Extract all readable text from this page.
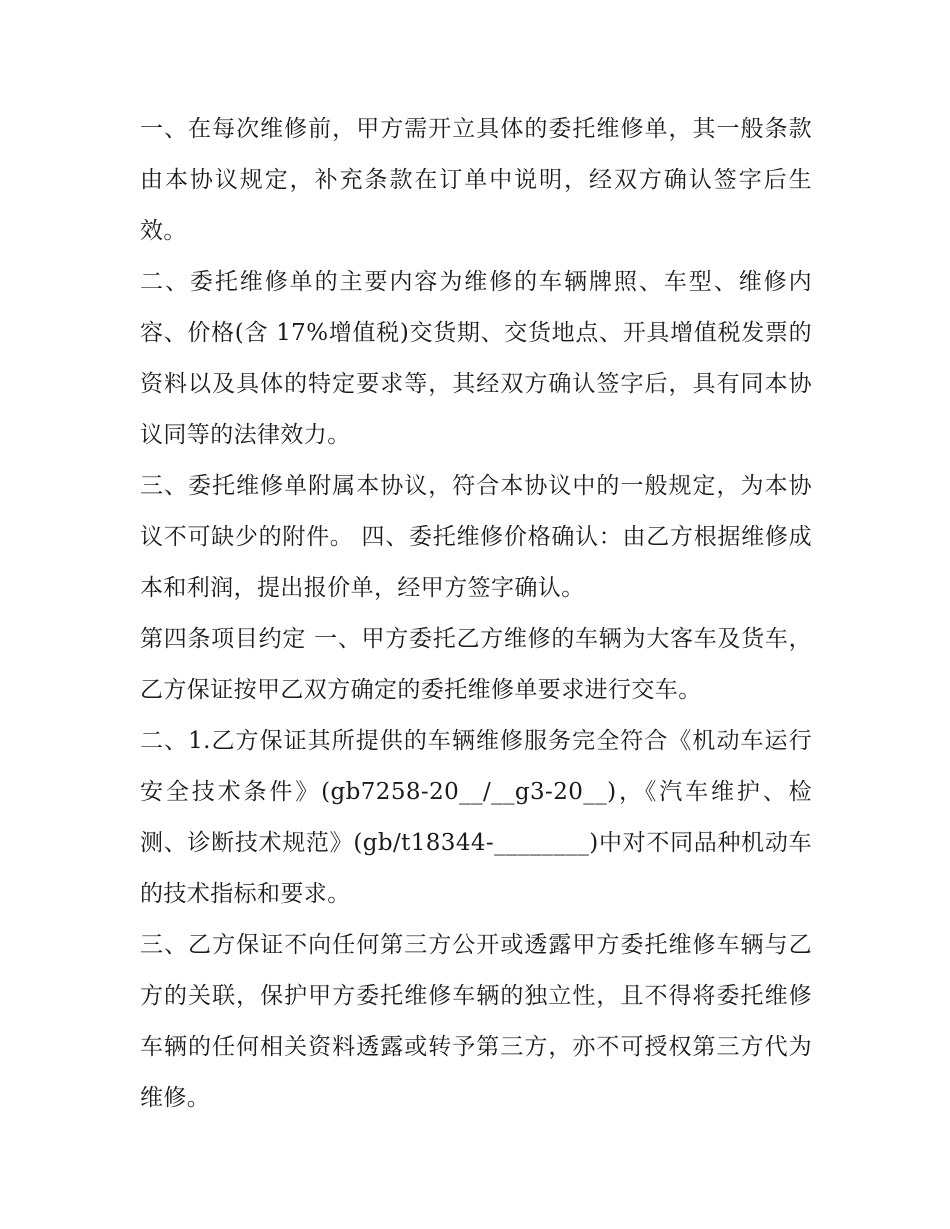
一、在每次维修前，甲方需开立具体的委托维修单，其一般条款由本协议规定，补充条款在订单中说明，经双方确认签字后生效。

二、委托维修单的主要内容为维修的车辆牌照、车型、维修内容、价格(含 17%增值税)交货期、交货地点、开具增值税发票的资料以及具体的特定要求等，其经双方确认签字后，具有同本协议同等的法律效力。

三、委托维修单附属本协议，符合本协议中的一般规定，为本协议不可缺少的附件。 四、委托维修价格确认：由乙方根据维修成本和利润，提出报价单，经甲方签字确认。

第四条项目约定 一、甲方委托乙方维修的车辆为大客车及货车，乙方保证按甲乙双方确定的委托维修单要求进行交车。

二、1.乙方保证其所提供的车辆维修服务完全符合《机动车运行安全技术条件》(gb7258-20__/__g3-20__)，《汽车维护、检测、诊断技术规范》(gb/t18344-________)中对不同品种机动车的技术指标和要求。

三、乙方保证不向任何第三方公开或透露甲方委托维修车辆与乙方的关联，保护甲方委托维修车辆的独立性，且不得将委托维修车辆的任何相关资料透露或转予第三方，亦不可授权第三方代为维修。
